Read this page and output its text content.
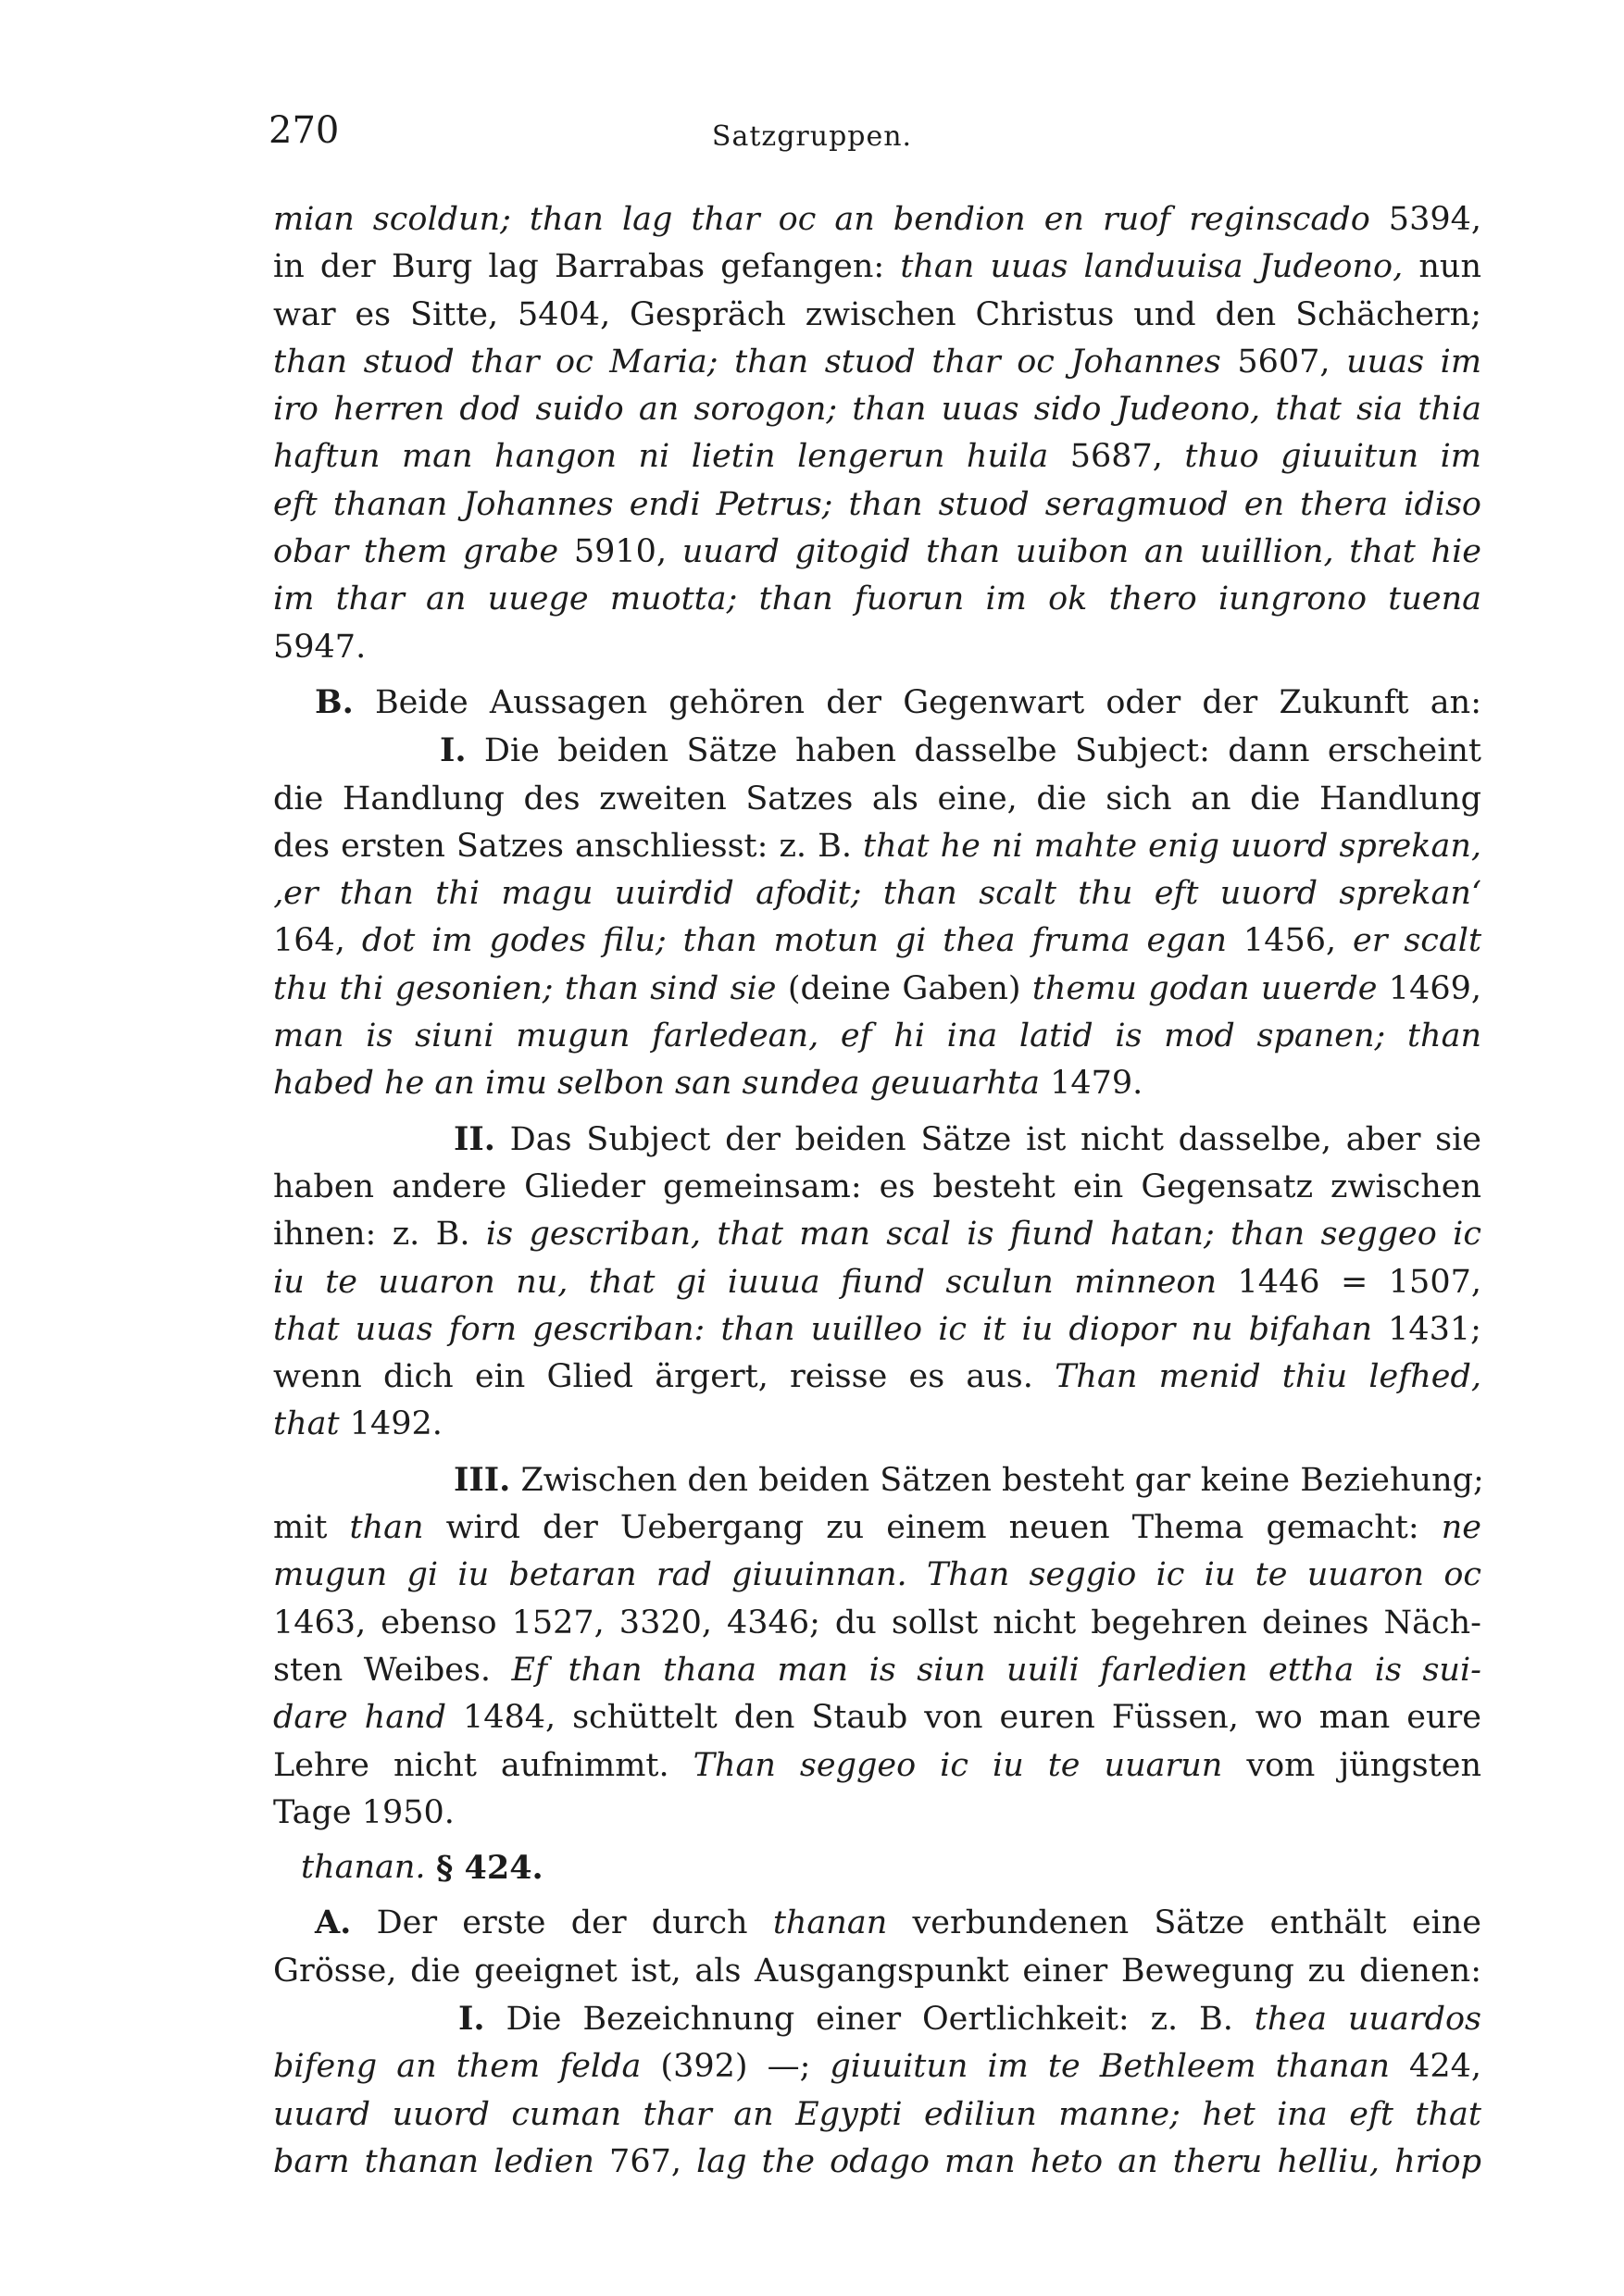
270	Satzgruppen.
mian scoldun; than lag thar oc an bendion en ruof reginscado 5394,
in der Burg lag Barrabas gefangen: than uuas landuuisa Judeono, nun
war es Sitte, 5404, Gespräch zwischen Christus und den Schächern;
than stuod thar oc Maria; than stuod thar oc Johannes 5607, uuas im
iro herren dod suido an sorogon; than uuas sido Judeono, that sia thia
haftun man hangon ni lietin lengerun huila 5687, thuo giuuitun im
eft thanan Johannes endi Petrus; than stuod seragmuod en thera idiso
obar them grabe 5910, uuard gitogid than uuibon an uuillion, that hie
im thar an uuege muotta; than fuorun im ok thero iungrono tuena
5947.
B. Beide Aussagen gehören der Gegenwart oder der Zukunft an:
I. Die beiden Sätze haben dasselbe Subject: dann erscheint
die Handlung des zweiten Satzes als eine, die sich an die Handlung
des ersten Satzes anschliesst: z. B. that he ni mahte enig uuord sprekan,
‚er than thi magu uuirdid afodit; than scalt thu eft uuord sprekan‘
164, dot im godes filu; than motun gi thea fruma egan 1456, er scalt
thu thi gesonien; than sind sie (deine Gaben) themu godan uuerde 1469,
man is siuni mugun farledean, ef hi ina latid is mod spanen; than
habed he an imu selbon san sundea geuuarhta 1479.
II. Das Subject der beiden Sätze ist nicht dasselbe, aber sie
haben andere Glieder gemeinsam: es besteht ein Gegensatz zwischen
ihnen: z. B. is gescriban, that man scal is fiund hatan; than seggeo ic
iu te uuaron nu, that gi iuuua fiund sculun minneon 1446 = 1507,
that uuas forn gescriban: than uuilleo ic it iu diopor nu bifahan 1431;
wenn dich ein Glied ärgert, reisse es aus. Than menid thiu lefhed,
that 1492.
III. Zwischen den beiden Sätzen besteht gar keine Beziehung;
mit than wird der Uebergang zu einem neuen Thema gemacht: ne
mugun gi iu betaran rad giuuinnan. Than seggio ic iu te uuaron oc
1463, ebenso 1527, 3320, 4346; du sollst nicht begehren deines Näch-
sten Weibes. Ef than thana man is siun uuili farledien ettha is sui-
dare hand 1484, schüttelt den Staub von euren Füssen, wo man eure
Lehre nicht aufnimmt. Than seggeo ic iu te uuarun vom jüngsten
Tage 1950.
§ 424.
thanan.
A. Der erste der durch thanan verbundenen Sätze enthält eine
Grösse, die geeignet ist, als Ausgangspunkt einer Bewegung zu dienen:
I. Die Bezeichnung einer Oertlichkeit: z. B. thea uuardos
bifeng an them felda (392) —; giuuitun im te Bethleem thanan 424,
uuard uuord cuman thar an Egypti ediliun manne; het ina eft that
barn thanan ledien 767, lag the odago man heto an theru helliu, hriop
